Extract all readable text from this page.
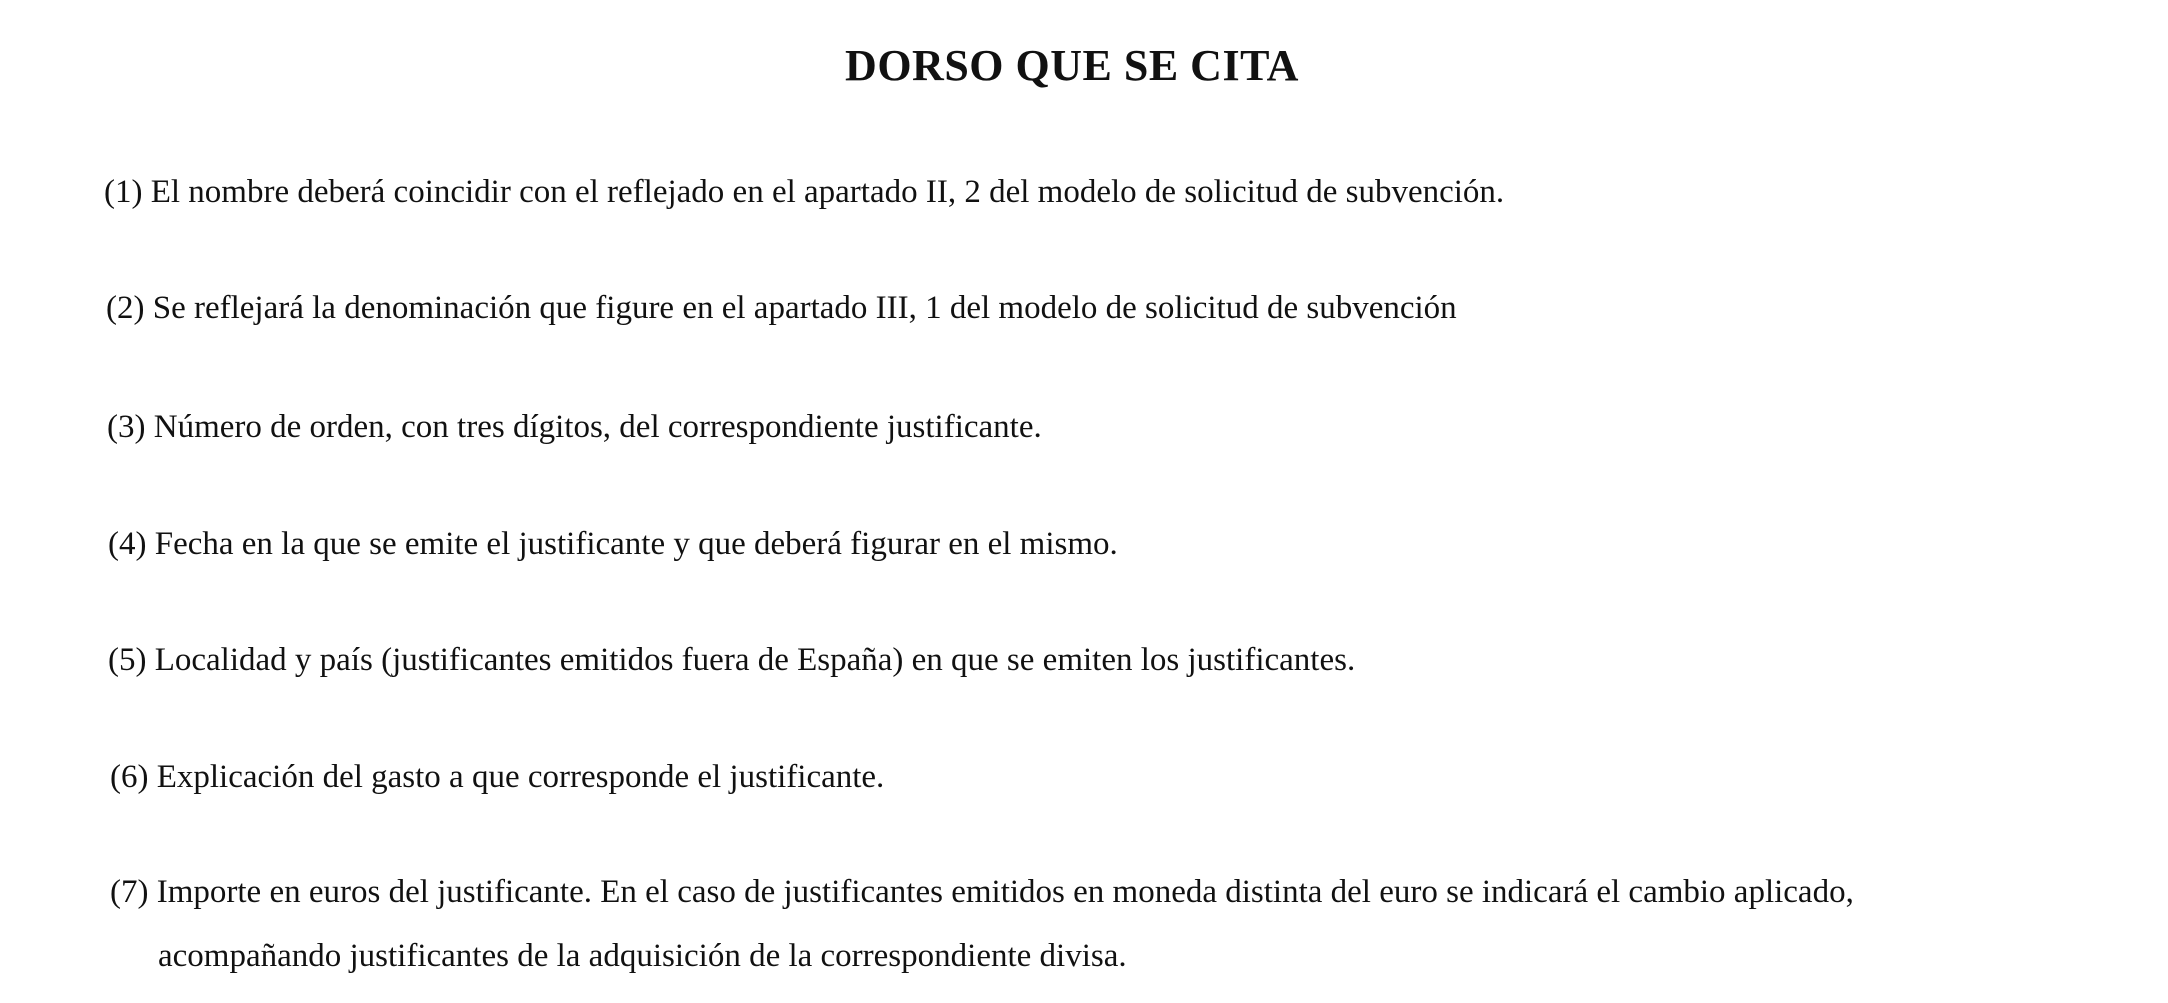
DORSO QUE SE CITA

(1) El nombre deberá coincidir con el reflejado en el apartado II, 2 del modelo de solicitud de subvención.

(2) Se reflejará la denominación que figure en el apartado III, 1 del modelo de solicitud de subvención

(3) Número de orden, con tres dígitos, del correspondiente justificante.

(4) Fecha en la que se emite el justificante y que deberá figurar en el mismo.

(5) Localidad y país (justificantes emitidos fuera de España) en que se emiten los justificantes.

(6) Explicación del gasto a que corresponde el justificante.

(7) Importe en euros del justificante. En el caso de justificantes emitidos en moneda distinta del euro se indicará el cambio aplicado,
acompañando justificantes de la adquisición de la correspondiente divisa.
